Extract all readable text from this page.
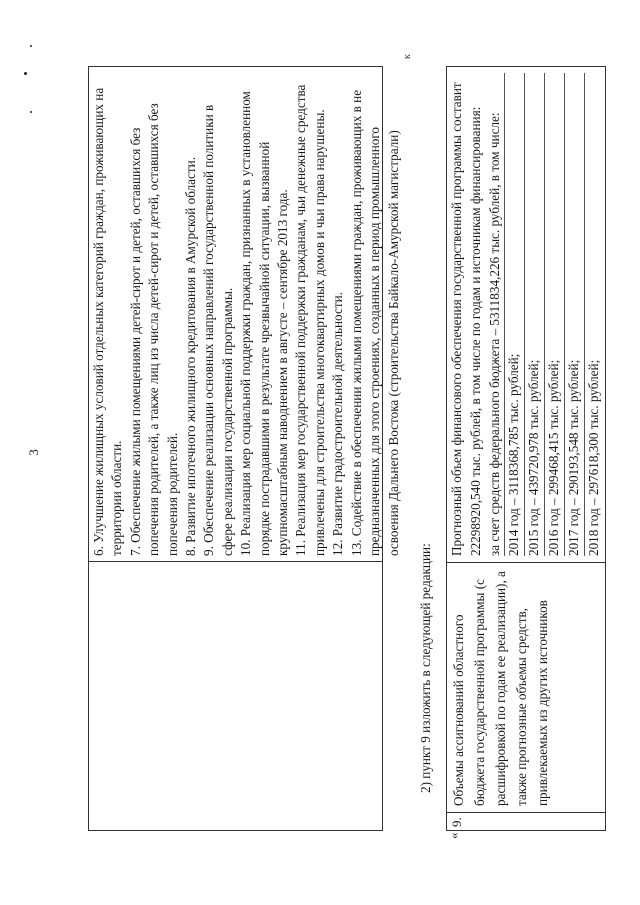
3	6. Улучшение жилищных условий отдельных категорий граждан, проживающих на территории области. 7. Обеспечение жилыми помещениями детей-сирот и детей, оставшихся без попечения родителей, а также лиц из числа детей-сирот и детей, оставшихся без попечения родителей. 8. Развитие ипотечного жилищного кредитования в Амурской области. 9. Обеспечение реализации основных направлений государственной политики в сфере реализации государственной программы. 10. Реализация мер социальной поддержки граждан, признанных в установленном порядке пострадавшими в результате чрезвычайной ситуации, вызванной крупномасштабным наводнением в августе – сентябре 2013 года. 11. Реализация мер государственной поддержки гражданам, чьи денежные средства привлечены для строительства многоквартирных домов и чьи права нарушены. 12. Развитие градостроительной деятельности. 13. Содействие в обеспечении жилыми помещениями граждан, проживающих в не предназначенных для этого строениях, созданных в период промышленного освоения Дальнего Востока (строительства Байкало-Амурской магистрали)

2) пункт 9 изложить в следующей редакции:
«
9.
Объемы ассигнований областного бюджета государственной программы (с расшифровкой по годам ее реализации), а также прогнозные объемы средств, привлекаемых из других источников

Прогнозный объем финансового обеспечения государственной программы составит 22298920,540 тыс. рублей, в том числе по годам и источникам финансирования: за счет средств федерального бюджета – 5311834,226 тыс. рублей, в том числе: 2014 год – 3118368,785 тыс. рублей; 2015 год – 439720,978 тыс. рублей; 2016 год – 299468,415 тыс. рублей; 2017 год – 290193,548 тыс. рублей; 2018 год – 297618,300 тыс. рублей;

к
